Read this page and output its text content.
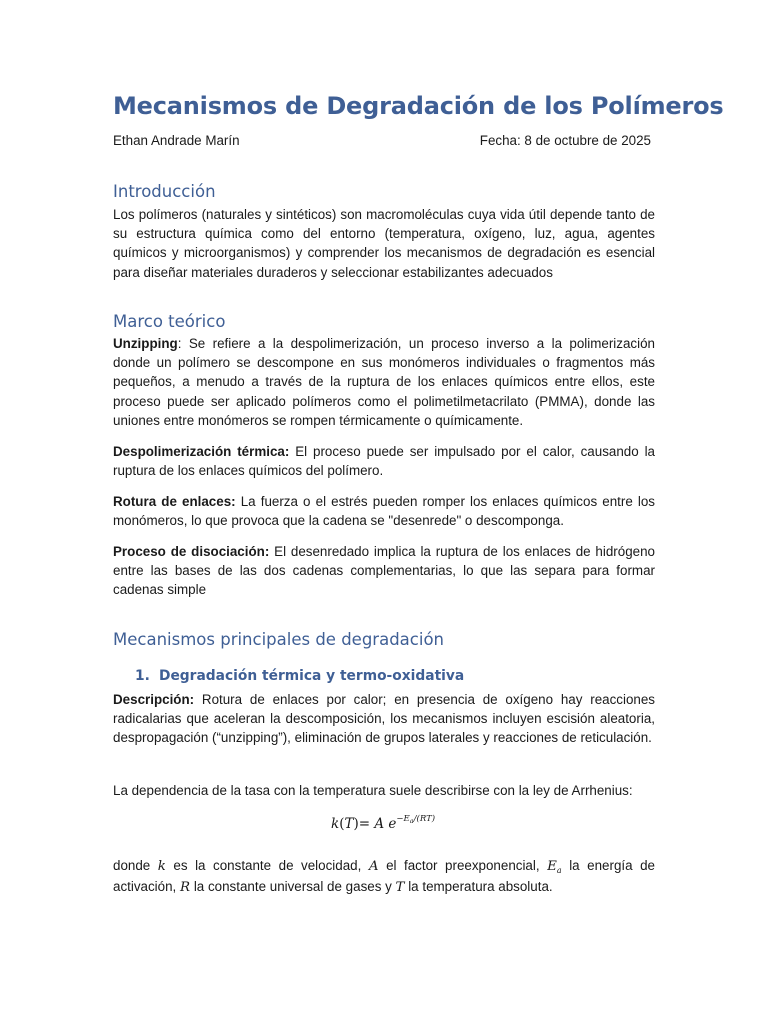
Mecanismos de Degradación de los Polímeros
Ethan Andrade Marín	Fecha: 8 de octubre de 2025
Introducción

Los polímeros (naturales y sintéticos) son macromoléculas cuya vida útil depende tanto de su estructura química como del entorno (temperatura, oxígeno, luz, agua, agentes químicos y microorganismos) y comprender los mecanismos de degradación es esencial para diseñar materiales duraderos y seleccionar estabilizantes adecuados

Marco teórico

Unzipping: Se refiere a la despolimerización, un proceso inverso a la polimerización donde un polímero se descompone en sus monómeros individuales o fragmentos más pequeños, a menudo a través de la ruptura de los enlaces químicos entre ellos, este proceso puede ser aplicado polímeros como el polimetilmetacrilato (PMMA), donde las uniones entre monómeros se rompen térmicamente o químicamente.

Despolimerización térmica: El proceso puede ser impulsado por el calor, causando la ruptura de los enlaces químicos del polímero.

Rotura de enlaces: La fuerza o el estrés pueden romper los enlaces químicos entre los monómeros, lo que provoca que la cadena se "desenrede" o descomponga.

Proceso de disociación: El desenredado implica la ruptura de los enlaces de hidrógeno entre las bases de las dos cadenas complementarias, lo que las separa para formar cadenas simple

Mecanismos principales de degradación
1. Degradación térmica y termo-oxidativa

Descripción: Rotura de enlaces por calor; en presencia de oxígeno hay reacciones radicalarias que aceleran la descomposición, los mecanismos incluyen escisión aleatoria, despropagación (“unzipping”), eliminación de grupos laterales y reacciones de reticulación.

La dependencia de la tasa con la temperatura suele describirse con la ley de Arrhenius:

k(T)= A $e^{-E_a/(RT)}$

donde k es la constante de velocidad, A el factor preexponencial, $E_a$ la energía de activación, R la constante universal de gases y T la temperatura absoluta.
